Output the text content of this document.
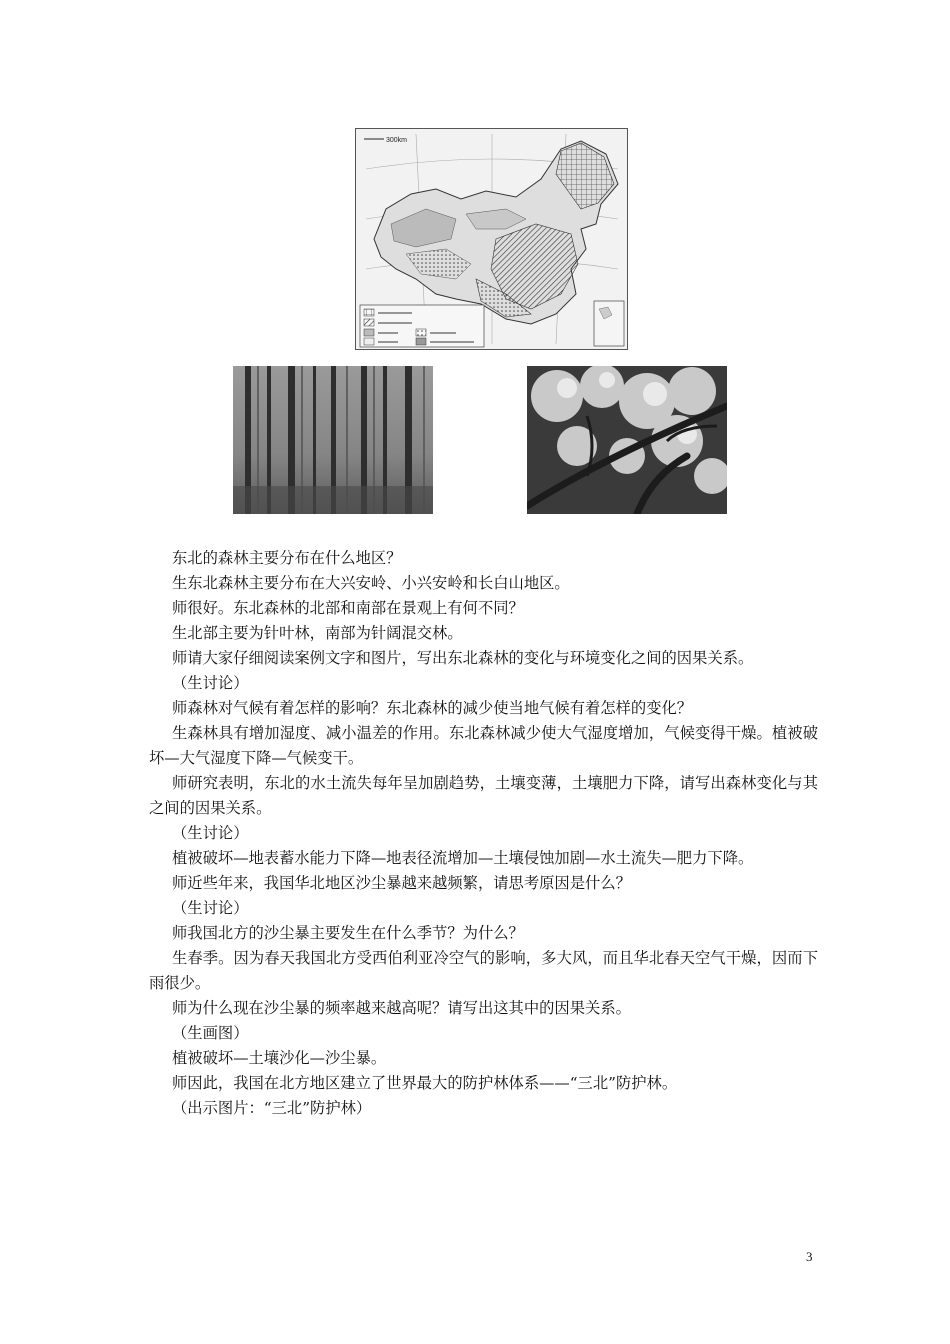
300km

东北的森林主要分布在什么地区？

生东北森林主要分布在大兴安岭、小兴安岭和长白山地区。

师很好。东北森林的北部和南部在景观上有何不同？

生北部主要为针叶林，南部为针阔混交林。

师请大家仔细阅读案例文字和图片，写出东北森林的变化与环境变化之间的因果关系。

（生讨论）

师森林对气候有着怎样的影响？东北森林的减少使当地气候有着怎样的变化？

生森林具有增加湿度、减小温差的作用。东北森林减少使大气湿度增加，气候变得干燥。植被破坏—大气湿度下降—气候变干。

师研究表明，东北的水土流失每年呈加剧趋势，土壤变薄，土壤肥力下降，请写出森林变化与其之间的因果关系。

（生讨论）

植被破坏—地表蓄水能力下降—地表径流增加—土壤侵蚀加剧—水土流失—肥力下降。

师近些年来，我国华北地区沙尘暴越来越频繁，请思考原因是什么？

（生讨论）

师我国北方的沙尘暴主要发生在什么季节？为什么？

生春季。因为春天我国北方受西伯利亚冷空气的影响，多大风，而且华北春天空气干燥，因而下雨很少。

师为什么现在沙尘暴的频率越来越高呢？请写出这其中的因果关系。

（生画图）

植被破坏—土壤沙化—沙尘暴。

师因此，我国在北方地区建立了世界最大的防护林体系——“三北”防护林。

（出示图片：“三北”防护林）

3
